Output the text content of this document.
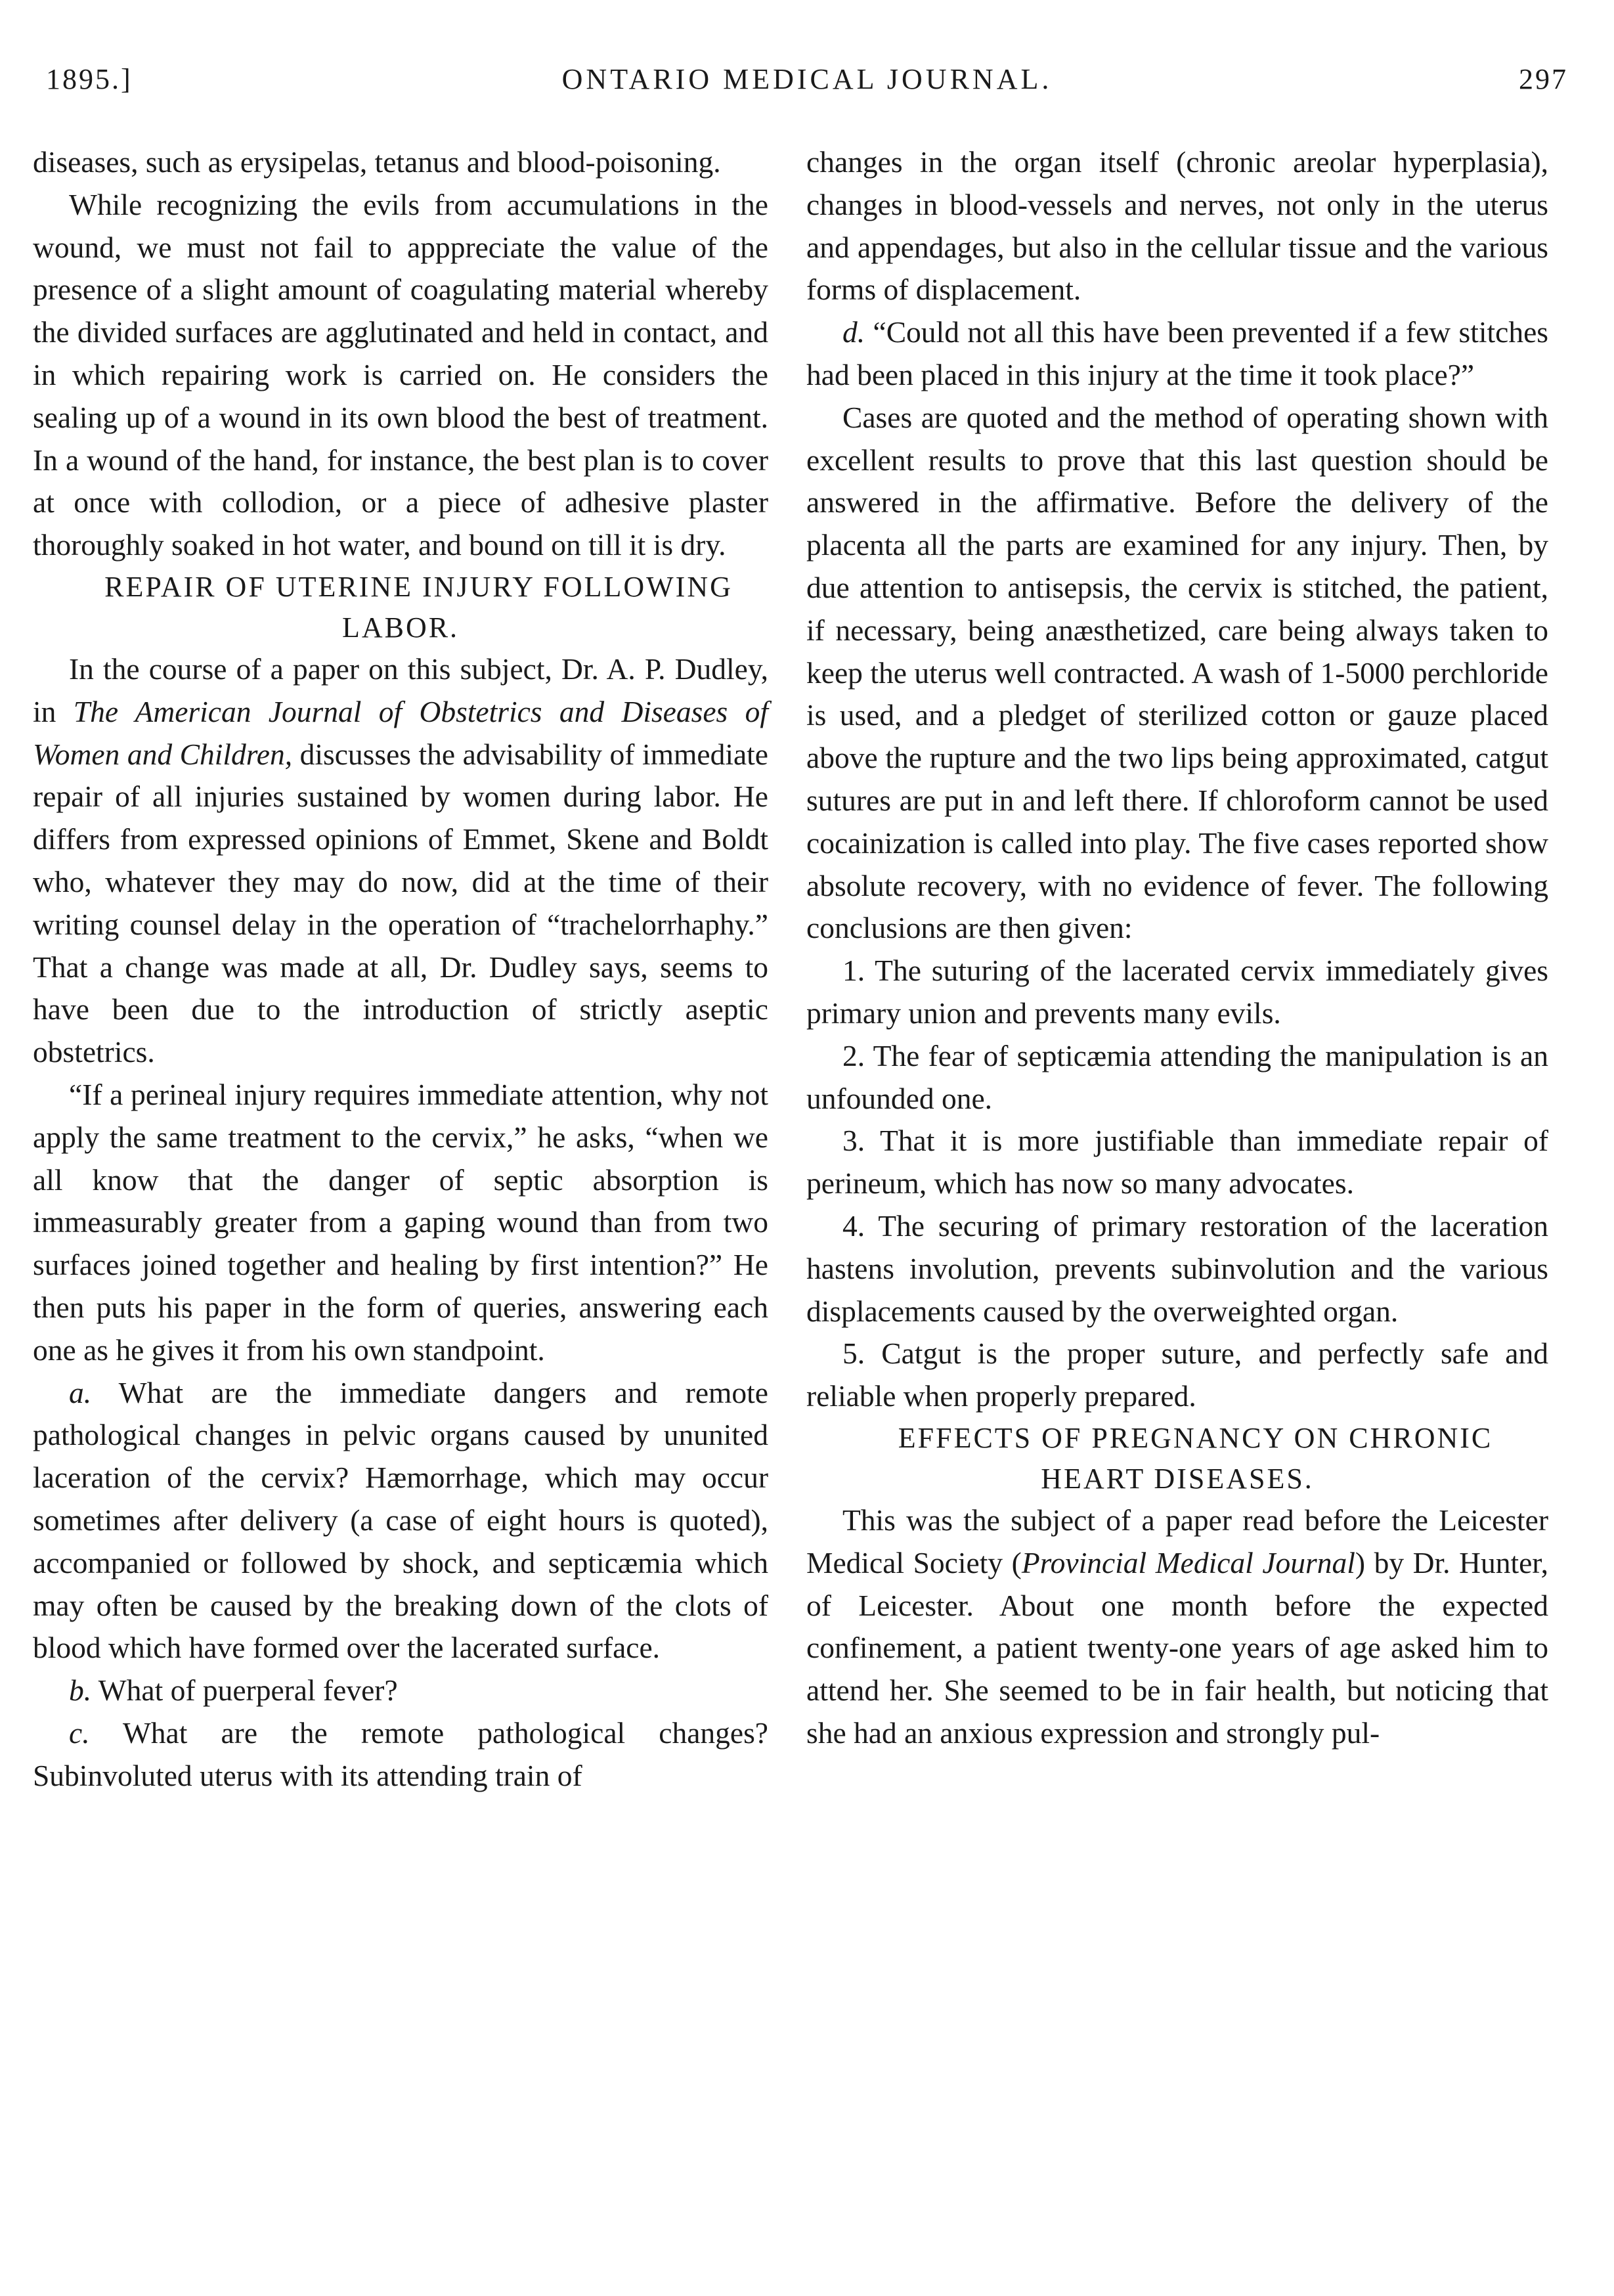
1895.]	ONTARIO MEDICAL JOURNAL.	297

diseases, such as erysipelas, tetanus and blood-poisoning.

While recognizing the evils from accumulations in the wound, we must not fail to apppreciate the value of the presence of a slight amount of coagulating material whereby the divided surfaces are agglutinated and held in contact, and in which repairing work is carried on. He considers the sealing up of a wound in its own blood the best of treatment. In a wound of the hand, for instance, the best plan is to cover at once with collodion, or a piece of adhesive plaster thoroughly soaked in hot water, and bound on till it is dry.

REPAIR OF UTERINE INJURY FOLLOWING LABOR.

In the course of a paper on this subject, Dr. A. P. Dudley, in The American Journal of Obstetrics and Diseases of Women and Children, discusses the advisability of immediate repair of all injuries sustained by women during labor. He differs from expressed opinions of Emmet, Skene and Boldt who, whatever they may do now, did at the time of their writing counsel delay in the operation of “trachelorrhaphy.” That a change was made at all, Dr. Dudley says, seems to have been due to the introduction of strictly aseptic obstetrics.

“If a perineal injury requires immediate attention, why not apply the same treatment to the cervix,” he asks, “when we all know that the danger of septic absorption is immeasurably greater from a gaping wound than from two surfaces joined together and healing by first intention?” He then puts his paper in the form of queries, answering each one as he gives it from his own standpoint.

a. What are the immediate dangers and remote pathological changes in pelvic organs caused by ununited laceration of the cervix? Hæmorrhage, which may occur sometimes after delivery (a case of eight hours is quoted), accompanied or followed by shock, and septicæmia which may often be caused by the breaking down of the clots of blood which have formed over the lacerated surface.

b. What of puerperal fever?

c. What are the remote pathological changes? Subinvoluted uterus with its attending train of

changes in the organ itself (chronic areolar hyperplasia), changes in blood-vessels and nerves, not only in the uterus and appendages, but also in the cellular tissue and the various forms of displacement.

d. “Could not all this have been prevented if a few stitches had been placed in this injury at the time it took place?”

Cases are quoted and the method of operating shown with excellent results to prove that this last question should be answered in the affirmative. Before the delivery of the placenta all the parts are examined for any injury. Then, by due attention to antisepsis, the cervix is stitched, the patient, if necessary, being anæsthetized, care being always taken to keep the uterus well contracted. A wash of 1-5000 perchloride is used, and a pledget of sterilized cotton or gauze placed above the rupture and the two lips being approximated, catgut sutures are put in and left there. If chloroform cannot be used cocainization is called into play. The five cases reported show absolute recovery, with no evidence of fever. The following conclusions are then given:

1. The suturing of the lacerated cervix immediately gives primary union and prevents many evils.

2. The fear of septicæmia attending the manipulation is an unfounded one.

3. That it is more justifiable than immediate repair of perineum, which has now so many advocates.

4. The securing of primary restoration of the laceration hastens involution, prevents subinvolution and the various displacements caused by the overweighted organ.

5. Catgut is the proper suture, and perfectly safe and reliable when properly prepared.

EFFECTS OF PREGNANCY ON CHRONIC HEART DISEASES.

This was the subject of a paper read before the Leicester Medical Society (Provincial Medical Journal) by Dr. Hunter, of Leicester. About one month before the expected confinement, a patient twenty-one years of age asked him to attend her. She seemed to be in fair health, but noticing that she had an anxious expression and strongly pul-
